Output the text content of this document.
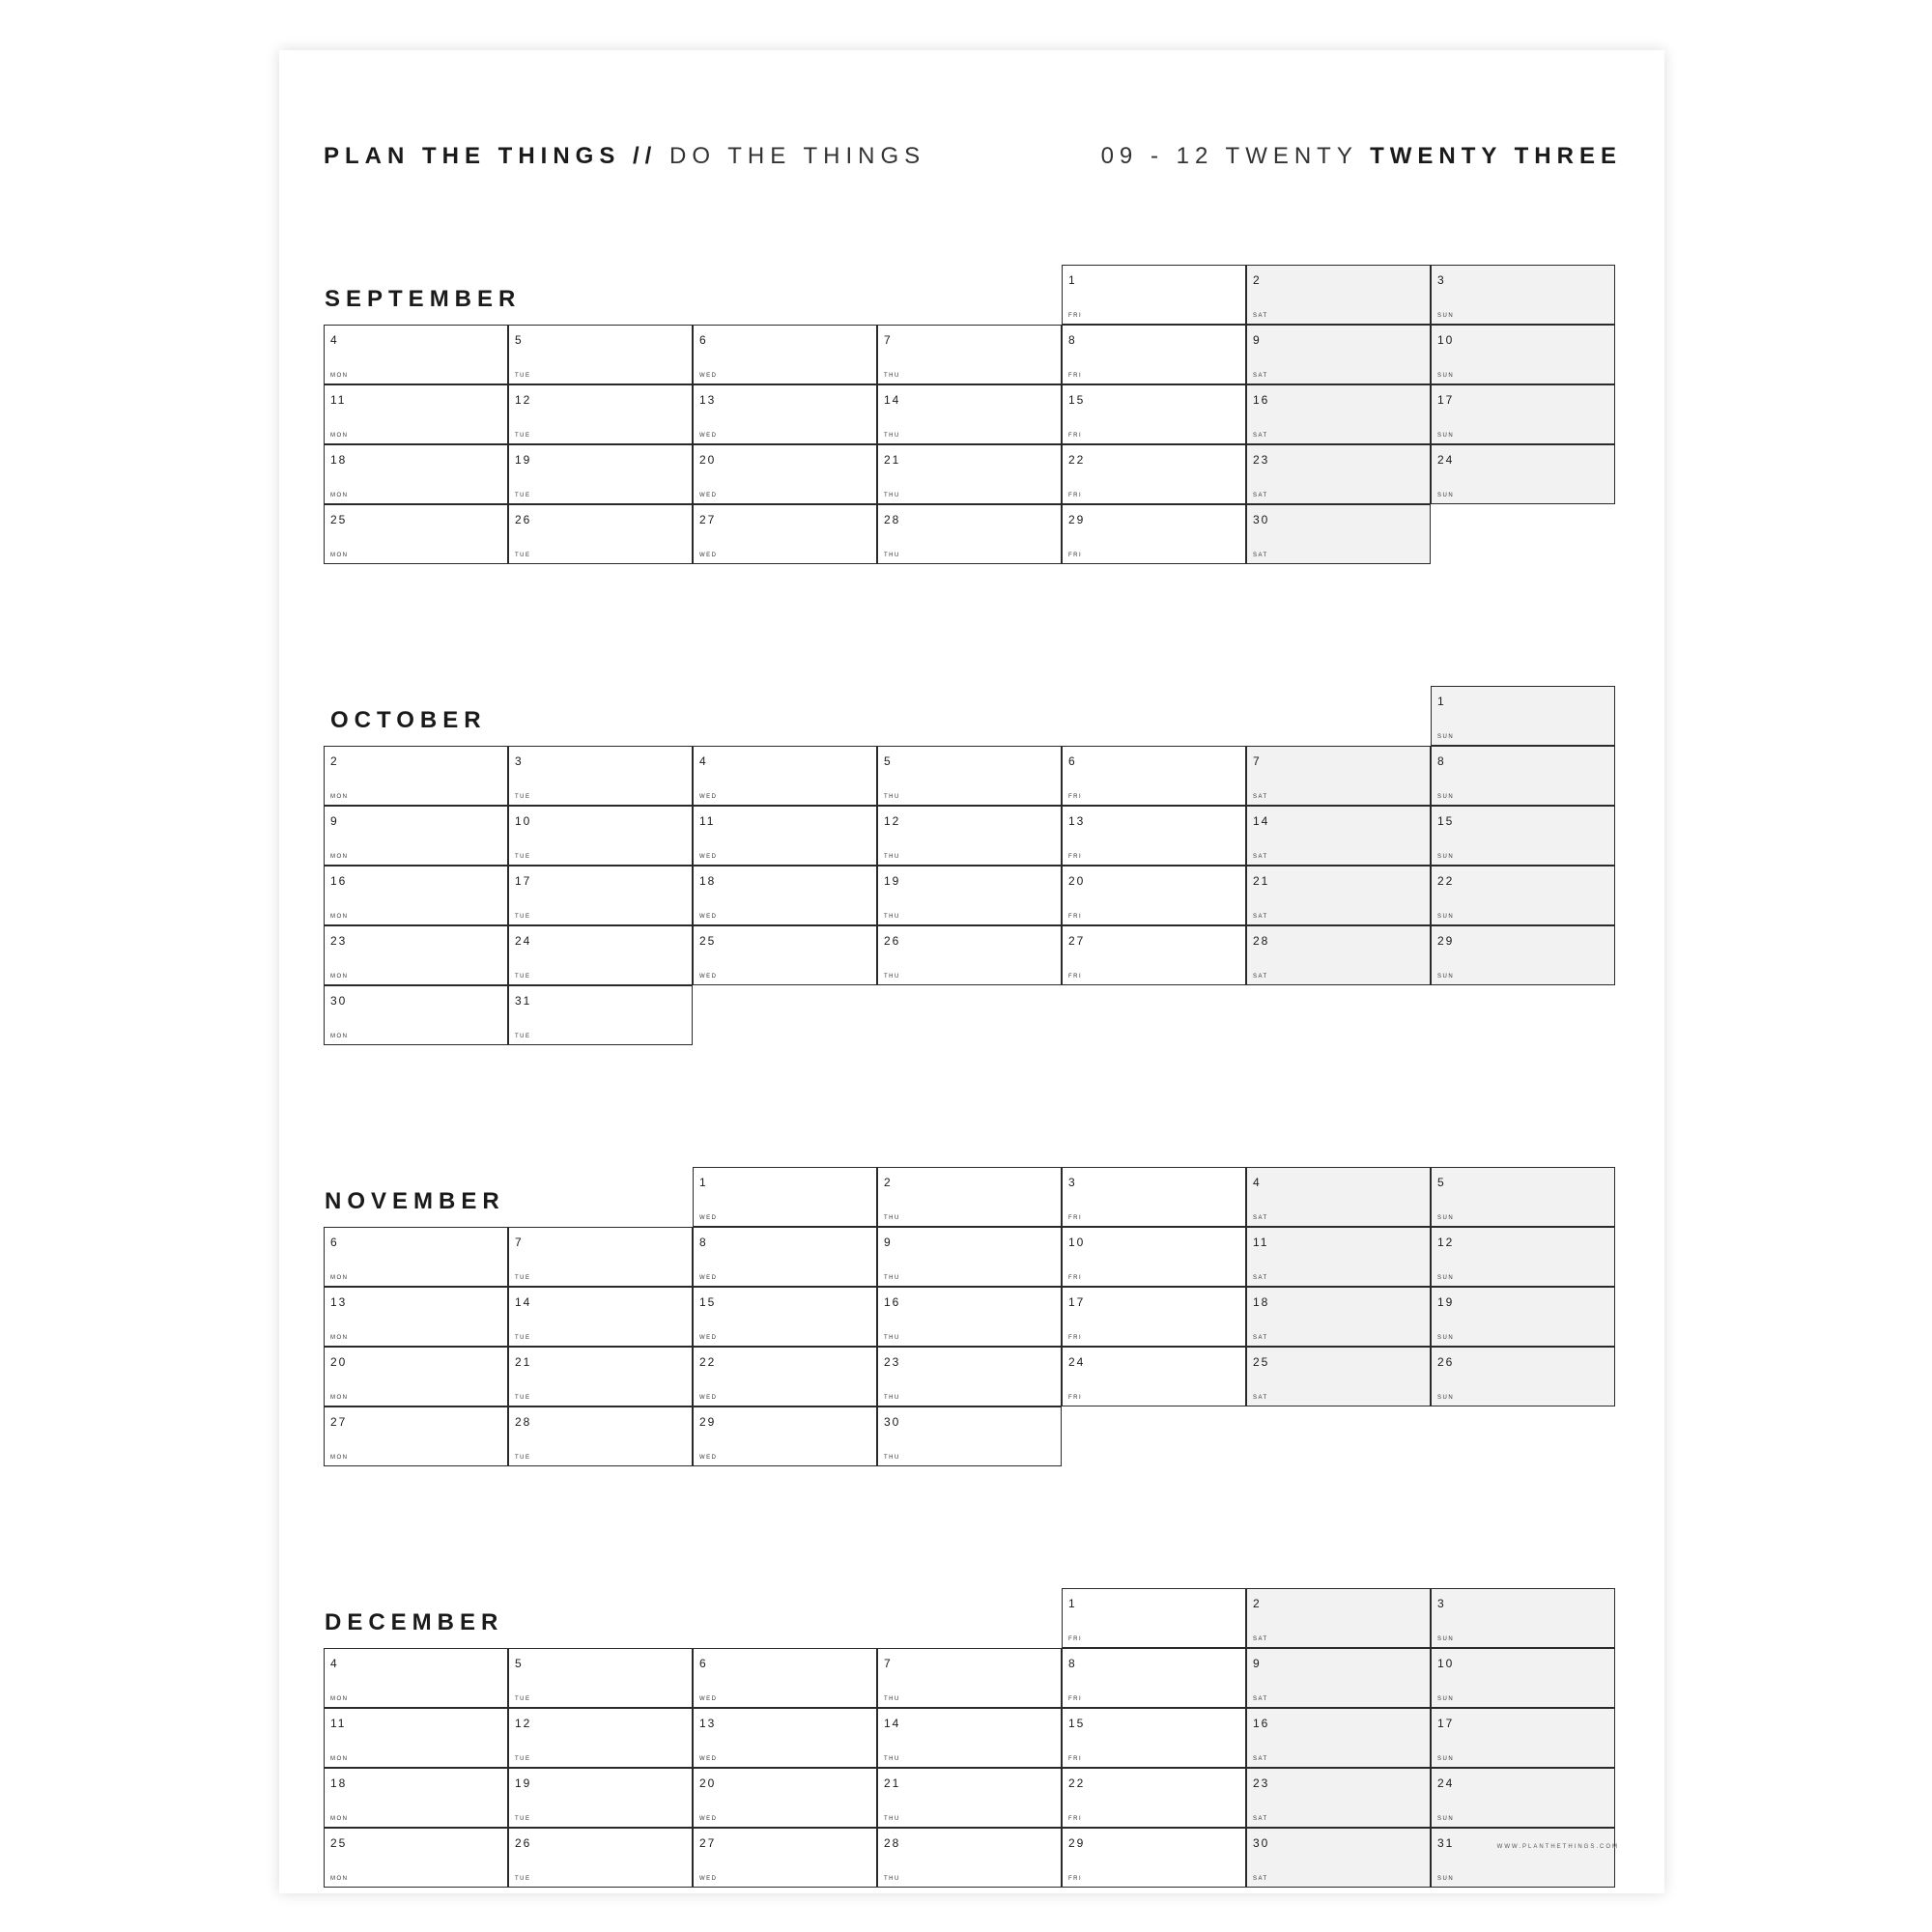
PLAN THE THINGS // DO THE THINGS	09 - 12 TWENTY TWENTY THREE
SEPTEMBER
1
FRI
2
SAT
3
SUN
4
MON
5
TUE
6
WED
7
THU
8
FRI
9
SAT
10
SUN
11
MON
12
TUE
13
WED
14
THU
15
FRI
16
SAT
17
SUN
18
MON
19
TUE
20
WED
21
THU
22
FRI
23
SAT
24
SUN
25
MON
26
TUE
27
WED
28
THU
29
FRI
30
SAT
OCTOBER
1
SUN
2
MON
3
TUE
4
WED
5
THU
6
FRI
7
SAT
8
SUN
9
MON
10
TUE
11
WED
12
THU
13
FRI
14
SAT
15
SUN
16
MON
17
TUE
18
WED
19
THU
20
FRI
21
SAT
22
SUN
23
MON
24
TUE
25
WED
26
THU
27
FRI
28
SAT
29
SUN
30
MON
31
TUE
NOVEMBER
1
WED
2
THU
3
FRI
4
SAT
5
SUN
6
MON
7
TUE
8
WED
9
THU
10
FRI
11
SAT
12
SUN
13
MON
14
TUE
15
WED
16
THU
17
FRI
18
SAT
19
SUN
20
MON
21
TUE
22
WED
23
THU
24
FRI
25
SAT
26
SUN
27
MON
28
TUE
29
WED
30
THU
DECEMBER
1
FRI
2
SAT
3
SUN
4
MON
5
TUE
6
WED
7
THU
8
FRI
9
SAT
10
SUN
11
MON
12
TUE
13
WED
14
THU
15
FRI
16
SAT
17
SUN
18
MON
19
TUE
20
WED
21
THU
22
FRI
23
SAT
24
SUN
25
MON
26
TUE
27
WED
28
THU
29
FRI
30
SAT
31
SUN
WWW.PLANTHETHINGS.COM
